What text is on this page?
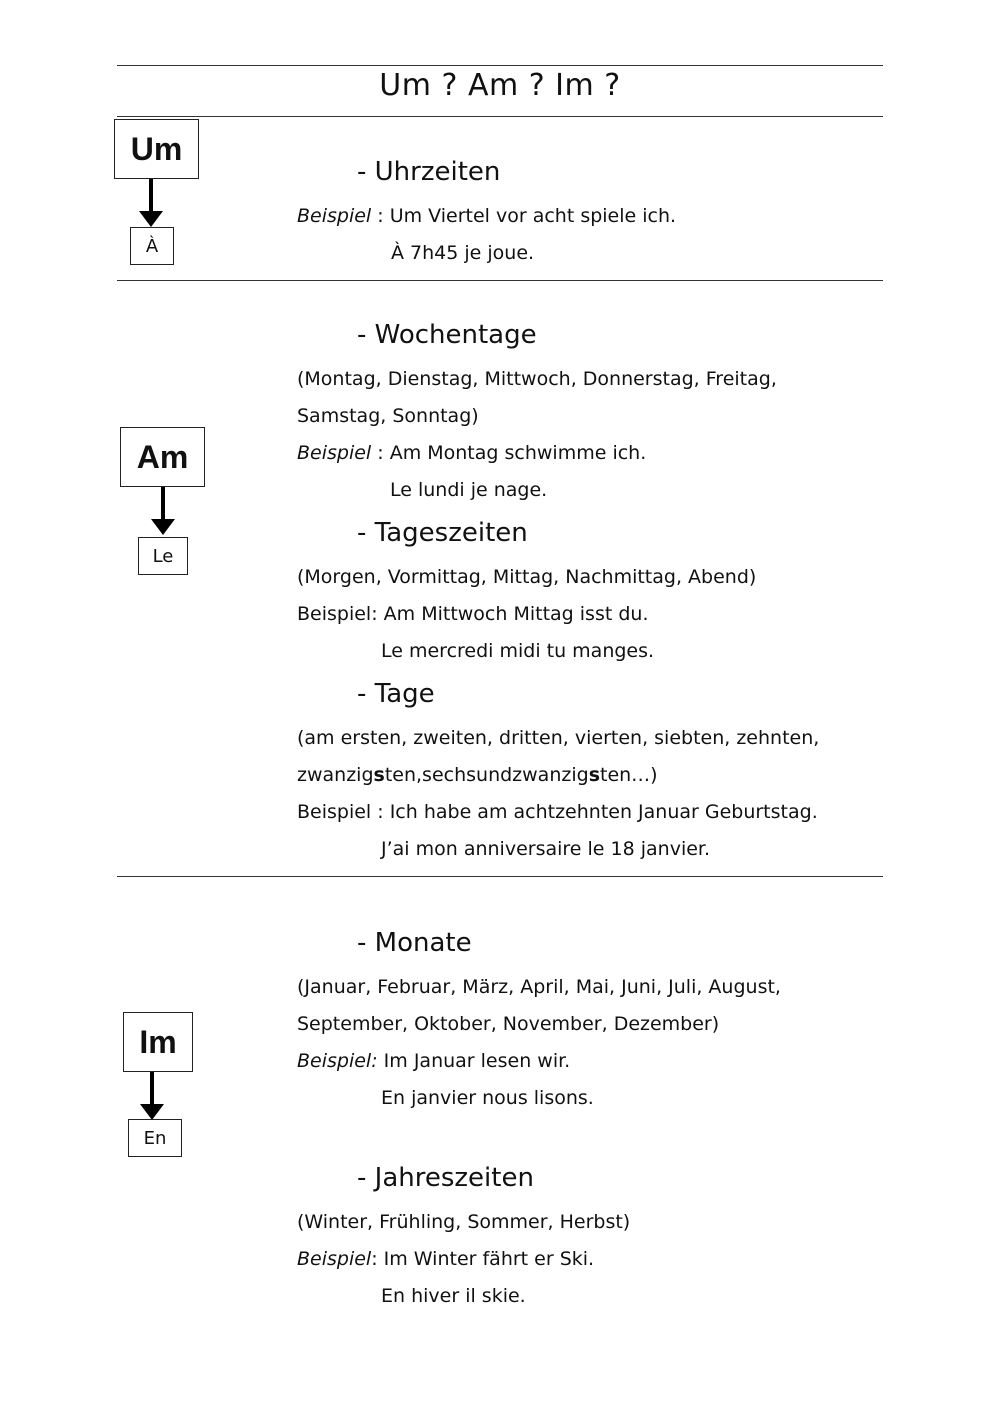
Um ? Am ? Im ?
Um
À
- Uhrzeiten
Beispiel : Um Viertel vor acht spiele ich.
À 7h45 je joue.
- Wochentage
(Montag, Dienstag, Mittwoch, Donnerstag, Freitag,
Samstag, Sonntag)
Beispiel : Am Montag schwimme ich.
Le lundi je nage.
Am
Le
- Tageszeiten
(Morgen, Vormittag, Mittag, Nachmittag, Abend)
Beispiel: Am Mittwoch Mittag isst du.
Le mercredi midi tu manges.
- Tage
(am ersten, zweiten, dritten, vierten, siebten, zehnten,
zwanzigsten,sechsundzwanzigsten…)
Beispiel : Ich habe am achtzehnten Januar Geburtstag.
J’ai mon anniversaire le 18 janvier.
- Monate
(Januar, Februar, März, April, Mai, Juni, Juli, August,
September, Oktober, November, Dezember)
Beispiel: Im Januar lesen wir.
En janvier nous lisons.
Im
En
- Jahreszeiten
(Winter, Frühling, Sommer, Herbst)
Beispiel: Im Winter fährt er Ski.
En hiver il skie.
